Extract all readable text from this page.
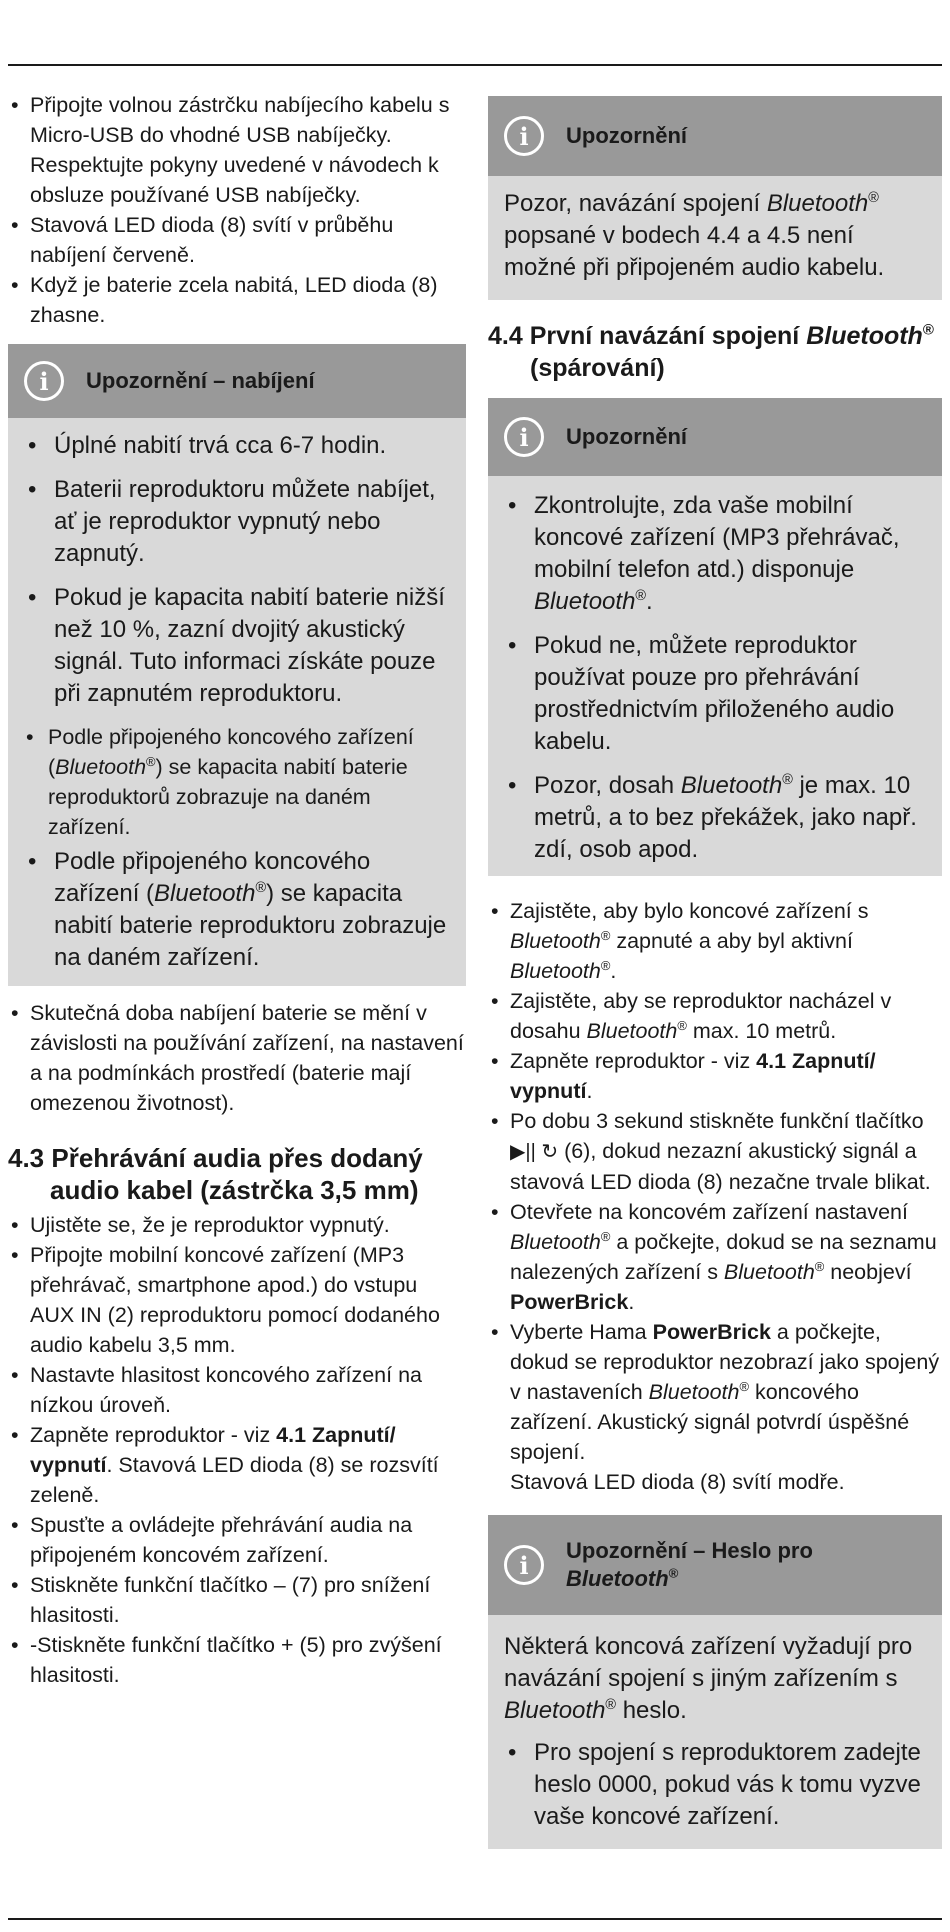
• Připojte volnou zástrčku nabíjecího kabelu s Micro-USB do vhodné USB nabíječky. Respektujte pokyny uvedené v návodech k obsluze používané USB nabíječky.
• Stavová LED dioda (8) svítí v průběhu nabíjení červeně.
• Když je baterie zcela nabitá, LED dioda (8) zhasne.
i	Upozornění – nabíjení
• Úplné nabití trvá cca 6-7 hodin.
• Baterii reproduktoru můžete nabíjet, ať je reproduktor vypnutý nebo zapnutý.
• Pokud je kapacita nabití baterie nižší než 10 %, zazní dvojitý akustický signál. Tuto informaci získáte pouze při zapnutém reproduktoru.
• Podle připojeného koncového zařízení (Bluetooth®) se kapacita nabití baterie reproduktorů zobrazuje na daném zařízení.
• Podle připojeného koncového zařízení (Bluetooth®) se kapacita nabití baterie reproduktoru zobrazuje na daném zařízení.
• Skutečná doba nabíjení baterie se mění v závislosti na používání zařízení, na nastavení a na podmínkách prostředí (baterie mají omezenou životnost).
4.3 Přehrávání audia přes dodaný
audio kabel (zástrčka 3,5 mm)
• Ujistěte se, že je reproduktor vypnutý.
• Připojte mobilní koncové zařízení (MP3 přehrávač, smartphone apod.) do vstupu AUX IN (2) reproduktoru pomocí dodaného audio kabelu 3,5 mm.
• Nastavte hlasitost koncového zařízení na nízkou úroveň.
• Zapněte reproduktor - viz 4.1 Zapnutí/ vypnutí. Stavová LED dioda (8) se rozsvítí zeleně.
• Spusťte a ovládejte přehrávání audia na připojeném koncovém zařízení.
• Stiskněte funkční tlačítko – (7) pro snížení hlasitosti.
• -Stiskněte funkční tlačítko + (5) pro zvýšení hlasitosti.
i	Upozornění

Pozor, navázání spojení Bluetooth® popsané v bodech 4.4 a 4.5 není možné při připojeném audio kabelu.

4.4 První navázání spojení Bluetooth®
(spárování)
i	Upozornění
• Zkontrolujte, zda vaše mobilní koncové zařízení (MP3 přehrávač, mobilní telefon atd.) disponuje Bluetooth®.
• Pokud ne, můžete reproduktor používat pouze pro přehrávání prostřednictvím přiloženého audio kabelu.
• Pozor, dosah Bluetooth® je max. 10 metrů, a to bez překážek, jako např. zdí, osob apod.
• Zajistěte, aby bylo koncové zařízení s Bluetooth® zapnuté a aby byl aktivní Bluetooth®.
• Zajistěte, aby se reproduktor nacházel v dosahu Bluetooth® max. 10 metrů.
• Zapněte reproduktor - viz 4.1 Zapnutí/ vypnutí.
• Po dobu 3 sekund stiskněte funkční tlačítko ▶|| ↻ (6), dokud nezazní akustický signál a stavová LED dioda (8) nezačne trvale blikat.
• Otevřete na koncovém zařízení nastavení Bluetooth® a počkejte, dokud se na seznamu nalezených zařízení s Bluetooth® neobjeví PowerBrick.
• Vyberte Hama PowerBrick a počkejte, dokud se reproduktor nezobrazí jako spojený v nastaveních Bluetooth® koncového zařízení. Akustický signál potvrdí úspěšné spojení.
Stavová LED dioda (8) svítí modře.
i	Upozornění – Heslo pro
Bluetooth®

Některá koncová zařízení vyžadují pro navázání spojení s jiným zařízením s Bluetooth® heslo.

• Pro spojení s reproduktorem zadejte heslo 0000, pokud vás k tomu vyzve vaše koncové zařízení.
